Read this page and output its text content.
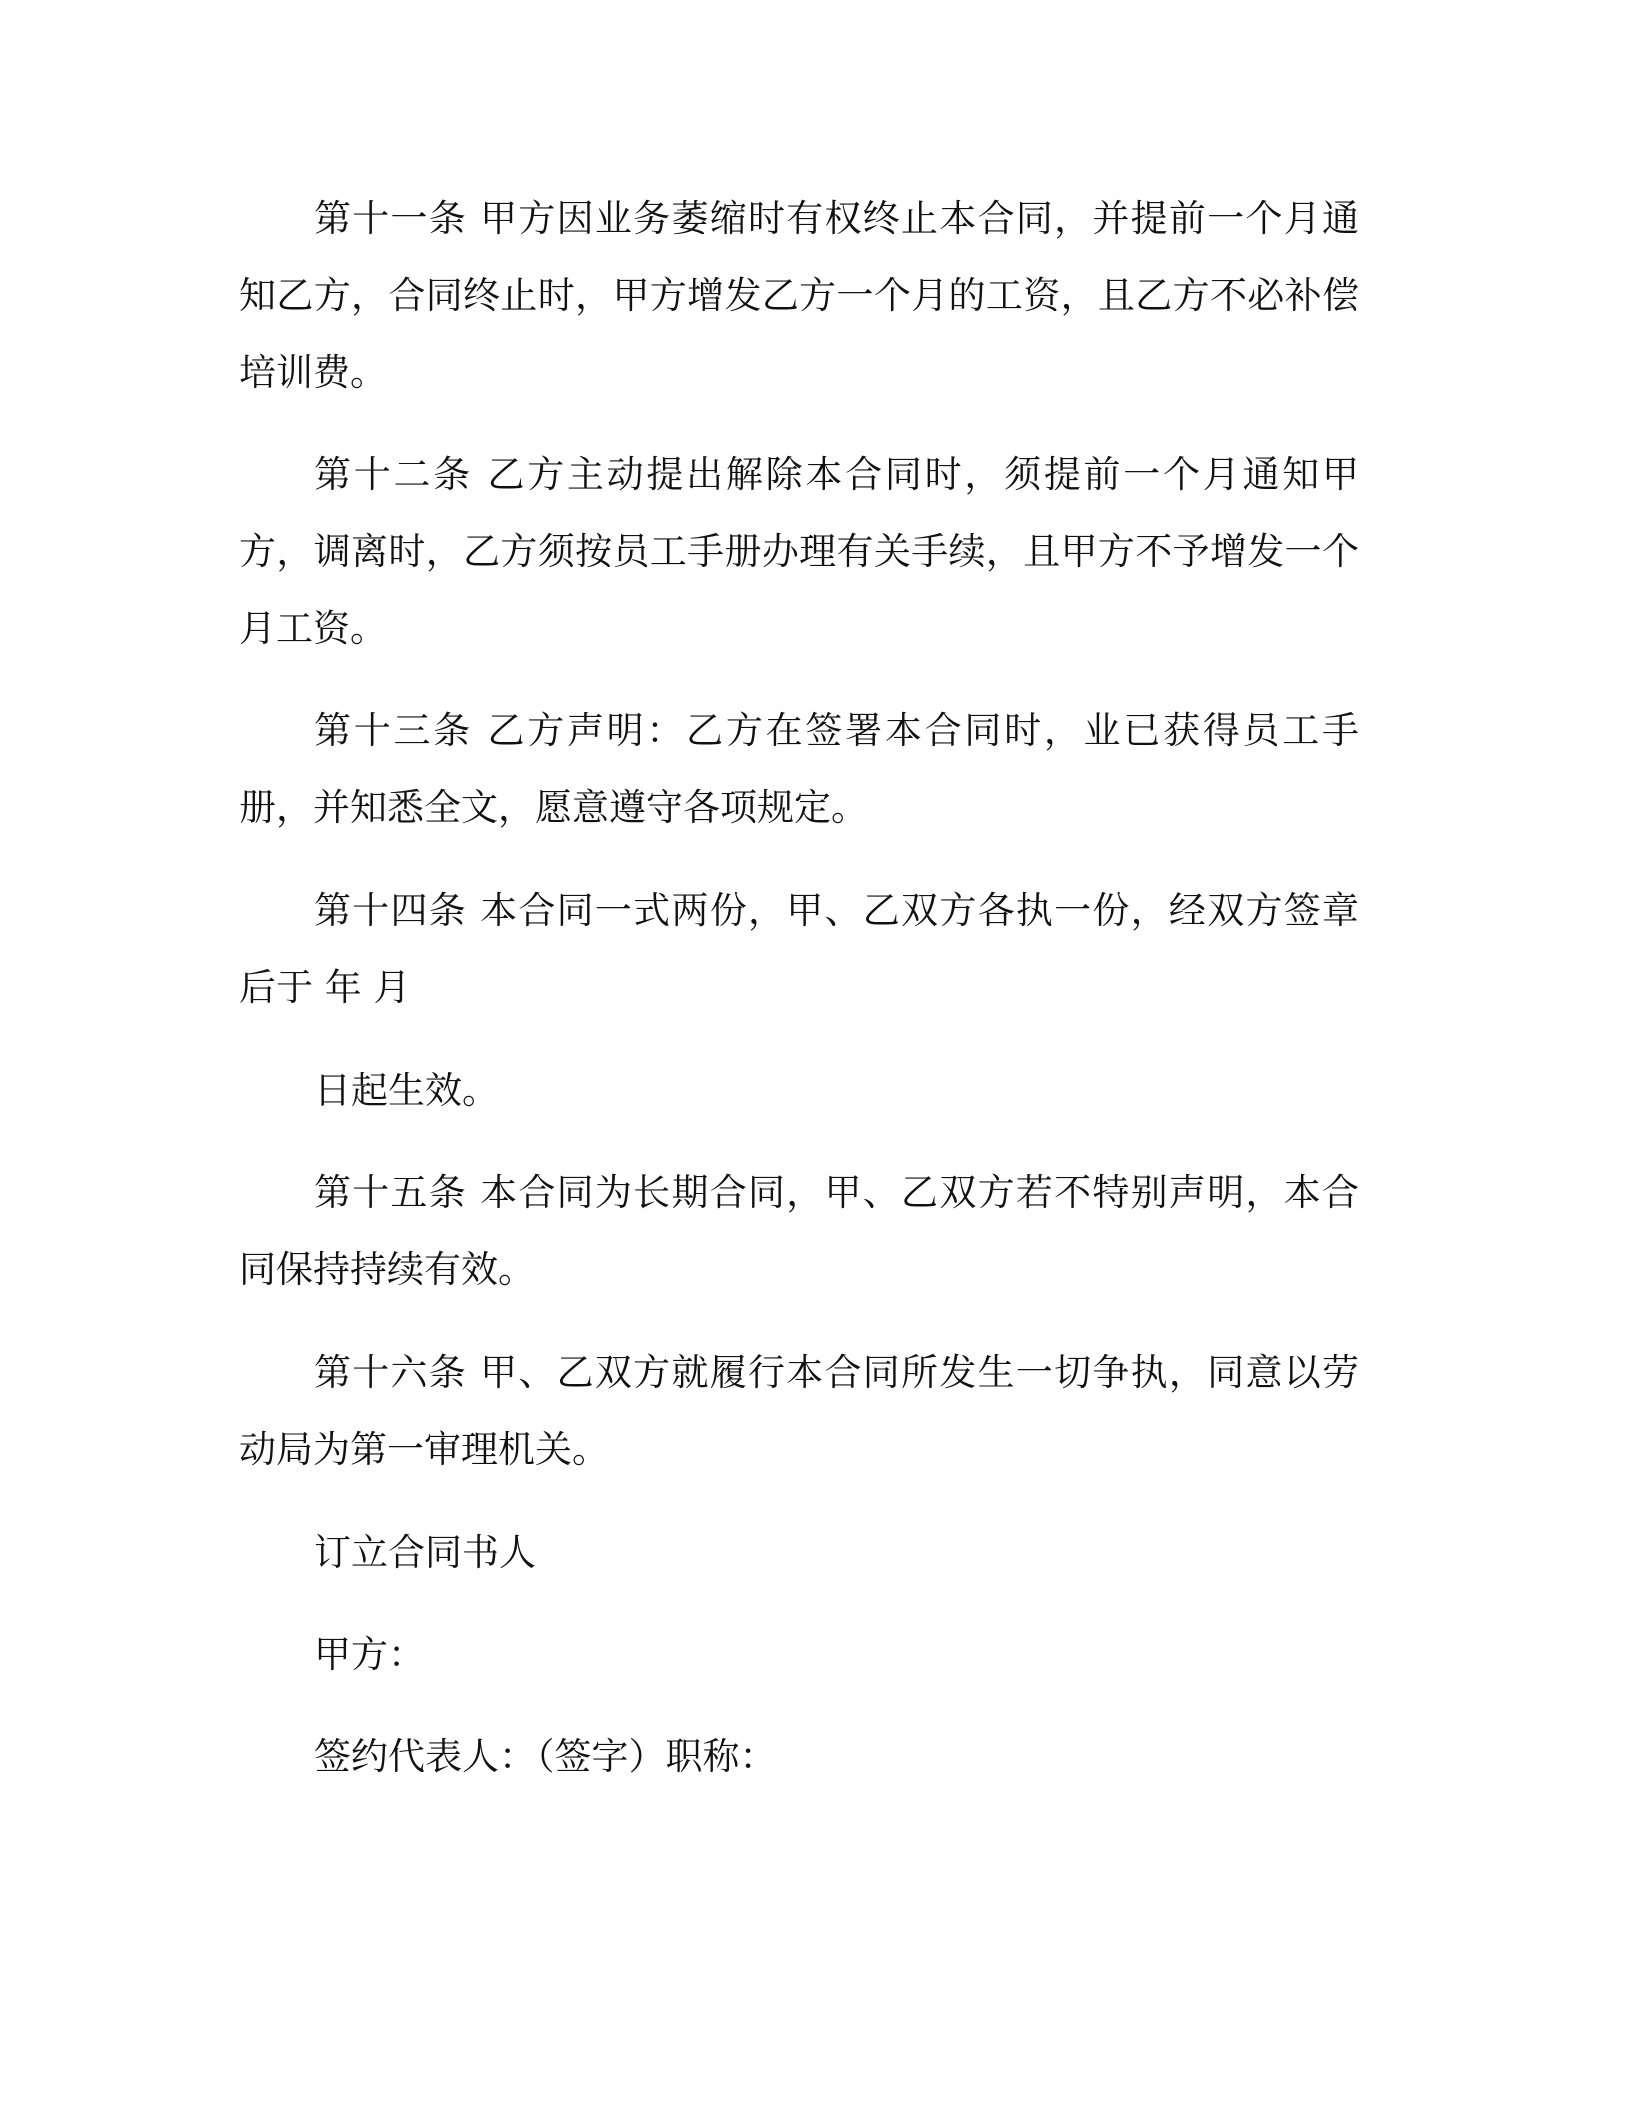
第十一条 甲方因业务萎缩时有权终止本合同，并提前一个月通知乙方，合同终止时，甲方增发乙方一个月的工资，且乙方不必补偿培训费。

第十二条 乙方主动提出解除本合同时，须提前一个月通知甲方，调离时，乙方须按员工手册办理有关手续，且甲方不予增发一个月工资。

第十三条 乙方声明：乙方在签署本合同时，业已获得员工手册，并知悉全文，愿意遵守各项规定。

第十四条 本合同一式两份，甲、乙双方各执一份，经双方签章后于 年 月

日起生效。

第十五条 本合同为长期合同，甲、乙双方若不特别声明，本合同保持持续有效。

第十六条 甲、乙双方就履行本合同所发生一切争执，同意以劳动局为第一审理机关。

订立合同书人

甲方：

签约代表人：（签字）职称：
